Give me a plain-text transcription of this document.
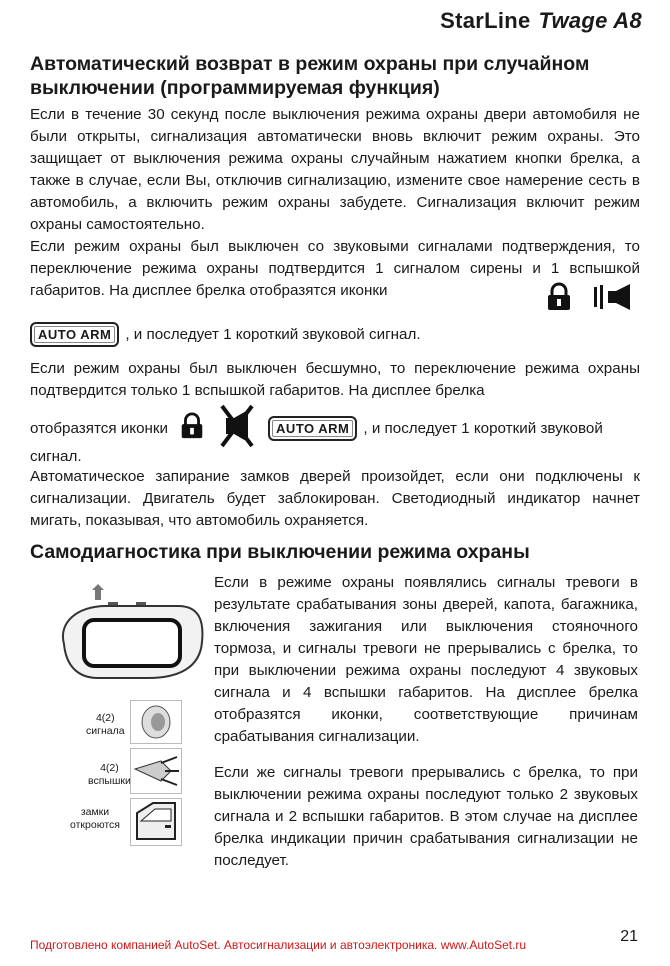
StarLine Twage A8
Автоматический возврат в режим охраны при случайном выключении (программируемая функция)
Если в течение 30 секунд после выключения режима охраны двери автомобиля не были открыты, сигнализация автоматически вновь включит режим охраны. Это защищает от выключения режима охраны случайным нажатием кнопки брелка, а также в случае, если Вы, отключив сигнализацию, измените свое намерение сесть в автомобиль, а включить режим охраны забудете. Сигнализация включит режим охраны самостоятельно.
Если режим охраны был выключен со звуковыми сигналами подтверждения, то переключение режима охраны подтвердится 1 сигналом сирены и 1 вспышкой габаритов. На дисплее брелка отобразятся иконки
AUTO ARM , и последует 1 короткий звуковой сигнал.
Если режим охраны был выключен бесшумно, то переключение режима охраны подтвердится только 1 вспышкой габаритов. На дисплее брелка
отобразятся иконки	AUTO ARM , и последует 1 короткий звуковой
сигнал.
Автоматическое запирание замков дверей произойдет, если они подключены к сигнализации. Двигатель будет заблокирован. Светодиодный индикатор начнет мигать, показывая, что автомобиль охраняется.
Самодиагностика при выключении режима охраны
4(2)
сигнала
4(2)
вспышки
замки
откроются
Если в режиме охраны появлялись сигналы тревоги в результате срабатывания зоны дверей, капота, багажника, включения зажигания или выключения стояночного тормоза, и сигналы тревоги не прерывались с брелка, то при выключении режима охраны последуют 4 звуковых сигнала и 4 вспышки габаритов. На дисплее брелка отобразятся иконки, соответствующие причинам срабатывания сигнализации.
Если же сигналы тревоги прерывались с брелка, то при выключении режима охраны последуют только 2 звуковых сигнала и 2 вспышки габаритов. В этом случае на дисплее брелка индикации причин срабатывания сигнализации не последует.
Подготовлено компанией AutoSet. Автосигнализации и автоэлектроника. www.AutoSet.ru	21
